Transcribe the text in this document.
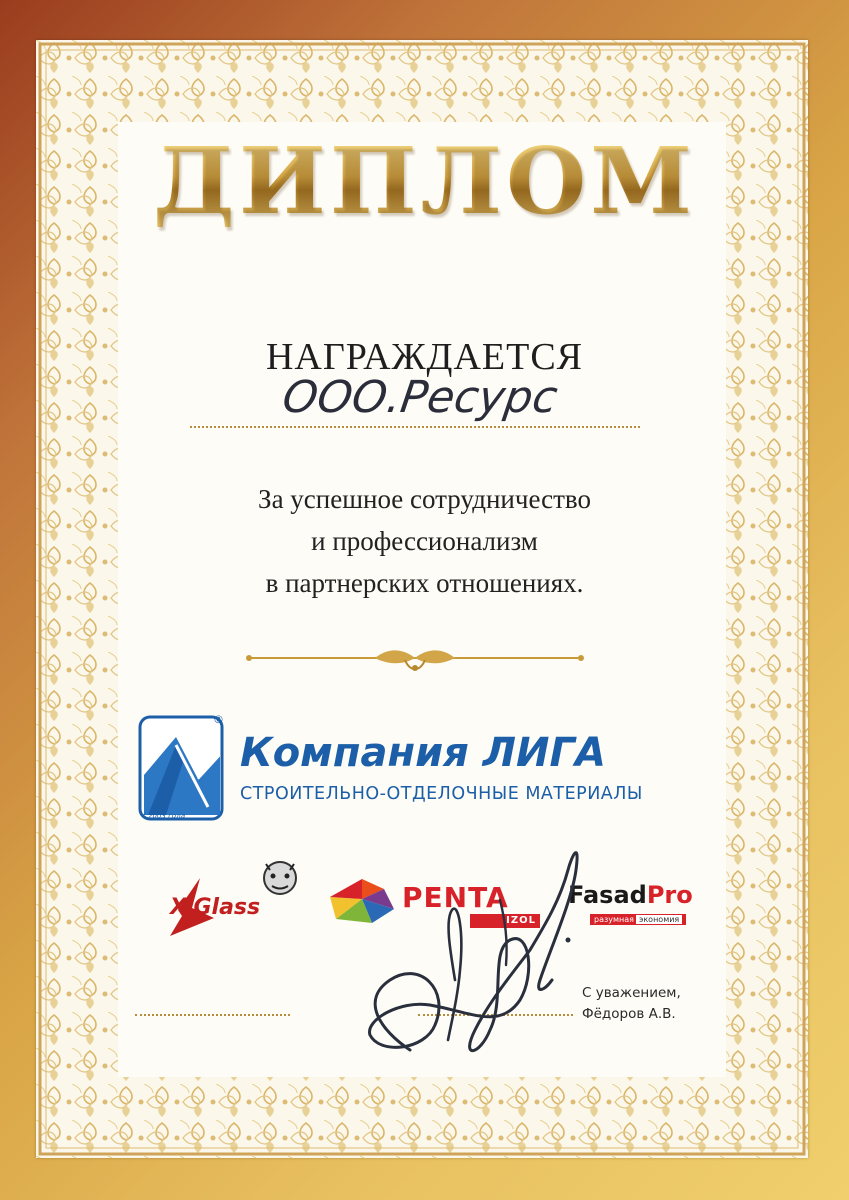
ДИПЛОМ
НАГРАЖДАЕТСЯ
ООО.Ресурс
За успешное сотрудничество
и профессионализм
в партнерских отношениях.
®
с 2003 года
Компания ЛИГА
СТРОИТЕЛЬНО-ОТДЕЛОЧНЫЕ МАТЕРИАЛЫ
X-Glass	PENTA
IZOL
FasadPro
разумная экономия
С уважением,
Фёдоров А.В.
